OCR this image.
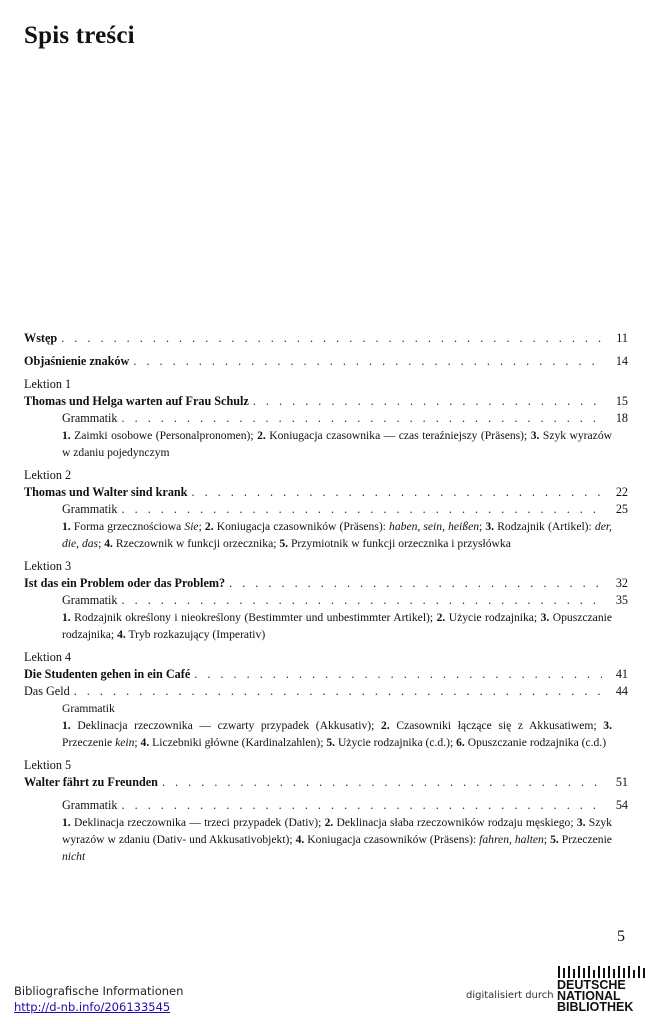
Spis treści
Wstęp . . .	11
Objaśnienie znaków . . .	14
Lektion 1
Thomas und Helga warten auf Frau Schulz . . .	15
Grammatik . . .	18
1. Zaimki osobowe (Personalpronomen); 2. Koniugacja czasownika — czas teraźniejszy (Präsens); 3. Szyk wyrazów w zdaniu pojedynczym
Lektion 2
Thomas und Walter sind krank . . .	22
Grammatik . . .	25
1. Forma grzecznościowa Sie; 2. Koniugacja czasowników (Präsens): haben, sein, heißen; 3. Rodzajnik (Artikel): der, die, das; 4. Rzeczownik w funkcji orzecznika; 5. Przymiotnik w funkcji orzecznika i przysłówka
Lektion 3
Ist das ein Problem oder das Problem? . . .	32
Grammatik . . .	35
1. Rodzajnik określony i nieokreślony (Bestimmter und unbestimmter Artikel); 2. Użycie rodzajnika; 3. Opuszczanie rodzajnika; 4. Tryb rozkazujący (Imperativ)
Lektion 4
Die Studenten gehen in ein Café . . .	41
Das Geld . . .	44
Grammatik
1. Deklinacja rzeczownika — czwarty przypadek (Akkusativ); 2. Czasowniki łączące się z Akkusatiwem; 3. Przeczenie kein; 4. Liczebniki główne (Kardinalzahlen); 5. Użycie rodzajnika (c.d.); 6. Opuszczanie rodzajnika (c.d.)
Lektion 5
Walter fährt zu Freunden . . .	51
Grammatik . . .	54
1. Deklinacja rzeczownika — trzeci przypadek (Dativ); 2. Deklinacja słaba rzeczowników rodzaju męskiego; 3. Szyk wyrazów w zdaniu (Dativ- und Akkusativobjekt); 4. Koniugacja czasowników (Präsens): fahren, halten; 5. Przeczenie nicht
5
Bibliografische Informationen
http://d-nb.info/206133545
digitalisiert durch
DEUTSCHE
NATIONAL
BIBLIOTHEK
